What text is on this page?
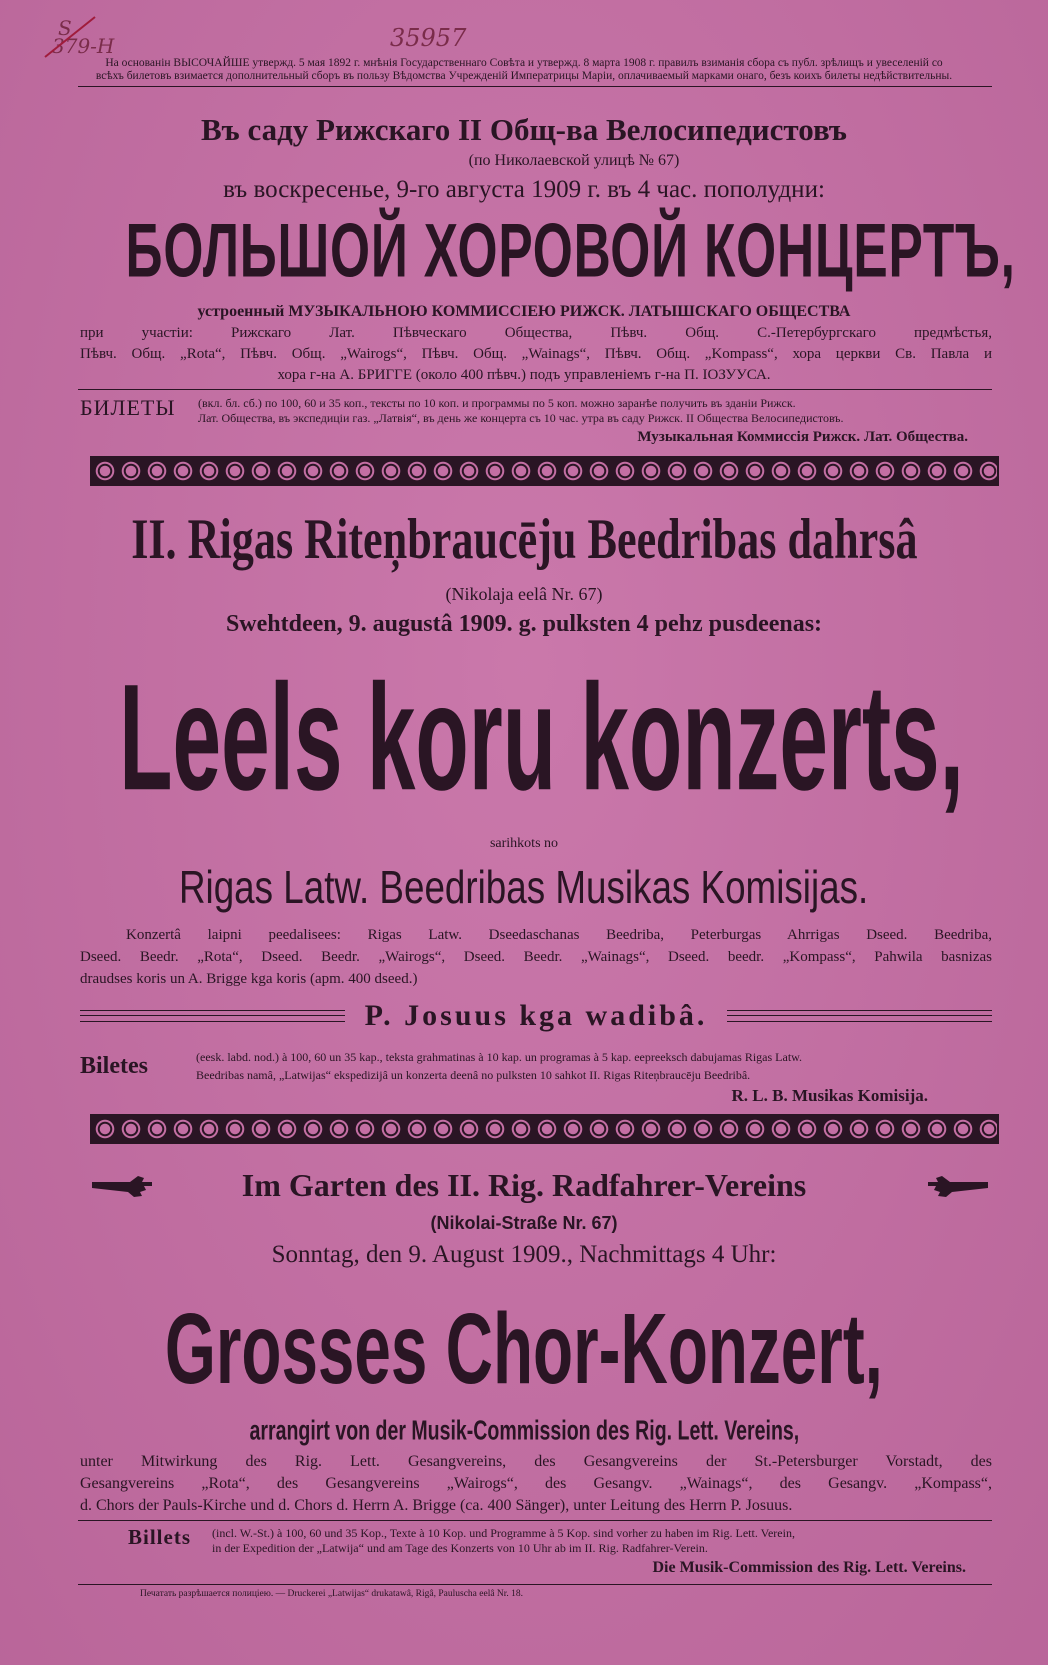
S
379-H	35957
На основанін ВЫСОЧАЙШЕ утвержд. 5 мая 1892 г. мнѣнія Государственнаго Совѣта и утвержд. 8 марта 1908 г. правилъ взиманія сбора съ публ. зрѣлищъ и увеселеній со
всѣхъ билетовъ взимается дополнительный сборъ въ пользу Вѣдомства Учрежденій Императрицы Маріи, оплачиваемый марками онаго, безъ коихъ билеты недѣйствительны.
Въ саду Рижскаго II Общ-ва Велосипедистовъ
(по Николаевской улицѣ № 67)
въ воскресенье, 9-го августа 1909 г. въ 4 час. пополудни:
БОЛЬШОЙ ХОРОВОЙ КОНЦЕРТЪ,
устроенный МУЗЫКАЛЬНОЮ КОММИССІЕЮ РИЖСК. ЛАТЫШСКАГО ОБЩЕСТВА
при участіи: Рижскаго Лат. Пѣвческаго Общества, Пѣвч. Общ. С.-Петербургскаго предмѣстья,
Пѣвч. Общ. „Rota“, Пѣвч. Общ. „Wairogs“, Пѣвч. Общ. „Wainags“, Пѣвч. Общ. „Kompass“, хора церкви Св. Павла и
хора г-на А. БРИГГЕ (около 400 пѣвч.) подъ управленіемъ г-на П. ІОЗУУСА.
БИЛЕТЫ (вкл. бл. сб.) по 100, 60 и 35 коп., тексты по 10 коп. и программы по 5 коп. можно заранѣе получить въ зданіи Рижск.
Лат. Общества, въ экспедиціи газ. „Латвія“, въ день же концерта съ 10 час. утра въ саду Рижск. II Общества Велосипедистовъ.
Музыкальная Коммиссія Рижск. Лат. Общества.
II. Rigas Riteņbraucēju Beedribas dahrsâ
(Nikolaja eelâ Nr. 67)
Swehtdeen, 9. augustâ 1909. g. pulksten 4 pehz pusdeenas:
Leels koru konzerts,
sarihkots no
Rigas Latw. Beedribas Musikas Komisijas.
Konzertâ laipni peedalisees: Rigas Latw. Dseedaschanas Beedriba, Peterburgas Ahrrigas Dseed. Beedriba,
Dseed. Beedr. „Rota“, Dseed. Beedr. „Wairogs“, Dseed. Beedr. „Wainags“, Dseed. beedr. „Kompass“, Pahwila basnizas
draudses koris un A. Brigge kga koris (apm. 400 dseed.)
P. Josuus kga wadibâ.
Biletes	(eesk. labd. nod.) à 100, 60 un 35 kap., teksta grahmatinas à 10 kap. un programas à 5 kap. eepreeksch dabujamas Rigas Latw.
Beedribas namâ, „Latwijas“ ekspedizijâ un konzerta deenâ no pulksten 10 sahkot II. Rigas Riteņbraucēju Beedribâ.
R. L. B. Musikas Komisija.
Im Garten des II. Rig. Radfahrer-Vereins
(Nikolai-Straße Nr. 67)
Sonntag, den 9. August 1909., Nachmittags 4 Uhr:
Grosses Chor-Konzert,
arrangirt von der Musik-Commission des Rig. Lett. Vereins,
unter Mitwirkung des Rig. Lett. Gesangvereins, des Gesangvereins der St.-Petersburger Vorstadt, des
Gesangvereins „Rota“, des Gesangvereins „Wairogs“, des Gesangv. „Wainags“, des Gesangv. „Kompass“,
d. Chors der Pauls-Kirche und d. Chors d. Herrn A. Brigge (ca. 400 Sänger), unter Leitung des Herrn P. Josuus.
Billets (incl. W.-St.) à 100, 60 und 35 Kop., Texte à 10 Kop. und Programme à 5 Kop. sind vorher zu haben im Rig. Lett. Verein,
in der Expedition der „Latwija“ und am Tage des Konzerts von 10 Uhr ab im II. Rig. Radfahrer-Verein.
Die Musik-Commission des Rig. Lett. Vereins.
Печатать разрѣшается полиціею. — Druckerei „Latwijas“ drukatawâ, Rigâ, Pauluscha eelâ Nr. 18.
